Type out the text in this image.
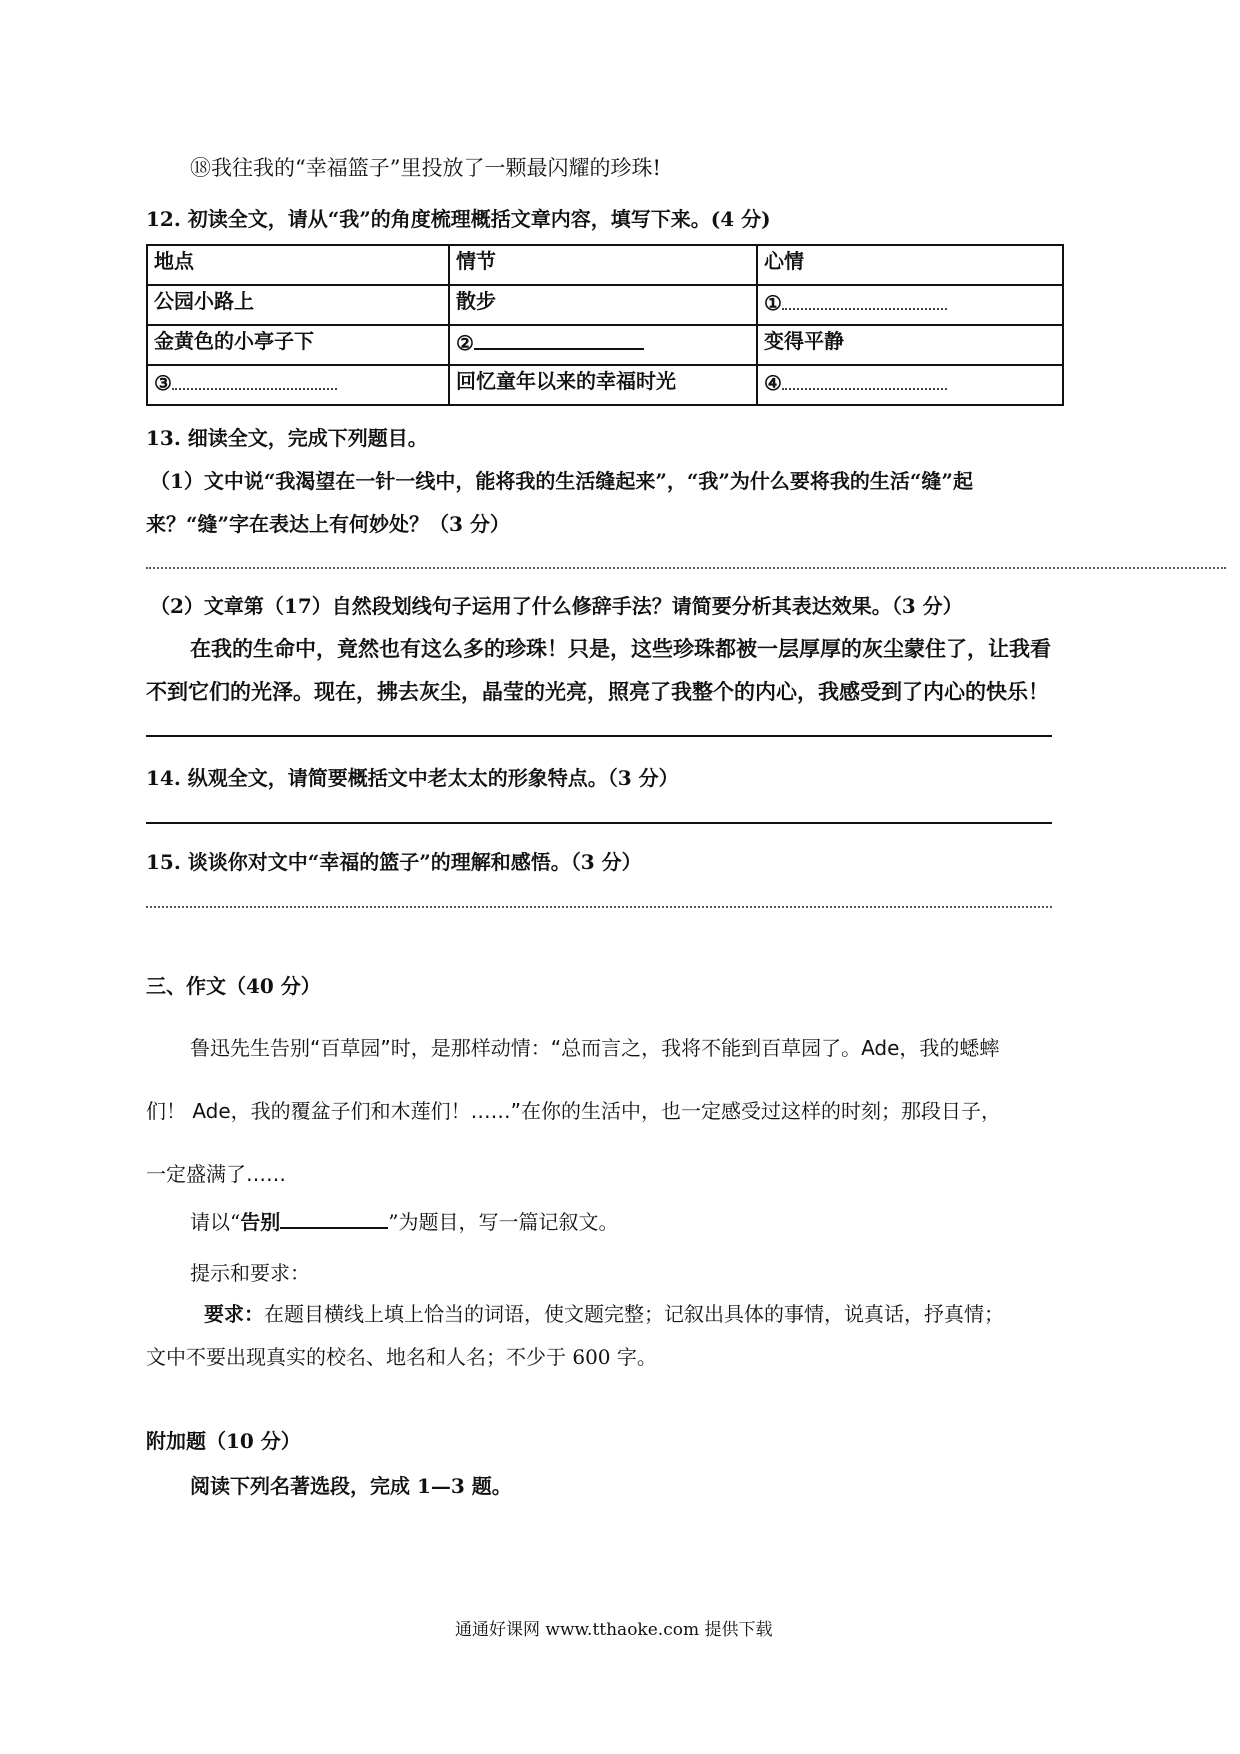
⑱我往我的“幸福篮子”里投放了一颗最闪耀的珍珠!
12. 初读全文，请从“我”的角度梳理概括文章内容，填写下来。(4 分)
地点	情节	心情
公园小路上	散步	①
金黄色的小亭子下	②	变得平静
③	回忆童年以来的幸福时光	④
13. 细读全文，完成下列题目。
（1）文中说“我渴望在一针一线中，能将我的生活缝起来”，“我”为什么要将我的生活“缝”起
来？“缝”字在表达上有何妙处？（3 分）
（2）文章第（17）自然段划线句子运用了什么修辞手法？请简要分析其表达效果。（3 分）
在我的生命中，竟然也有这么多的珍珠！只是，这些珍珠都被一层厚厚的灰尘蒙住了，让我看
不到它们的光泽。现在，拂去灰尘，晶莹的光亮，照亮了我整个的内心，我感受到了内心的快乐！
14. 纵观全文，请简要概括文中老太太的形象特点。（3 分）
15. 谈谈你对文中“幸福的篮子”的理解和感悟。（3 分）
三、作文（40 分）
鲁迅先生告别“百草园”时，是那样动情：“总而言之，我将不能到百草园了。Ade，我的蟋蟀
们！ Ade，我的覆盆子们和木莲们！……”在你的生活中，也一定感受过这样的时刻；那段日子，
一定盛满了……
请以“告别	”为题目，写一篇记叙文。
提示和要求：
要求：在题目横线上填上恰当的词语，使文题完整；记叙出具体的事情，说真话，抒真情；
文中不要出现真实的校名、地名和人名；不少于 600 字。
附加题（10 分）
阅读下列名著选段，完成 1—3 题。
通通好课网 www.tthaoke.com 提供下载
